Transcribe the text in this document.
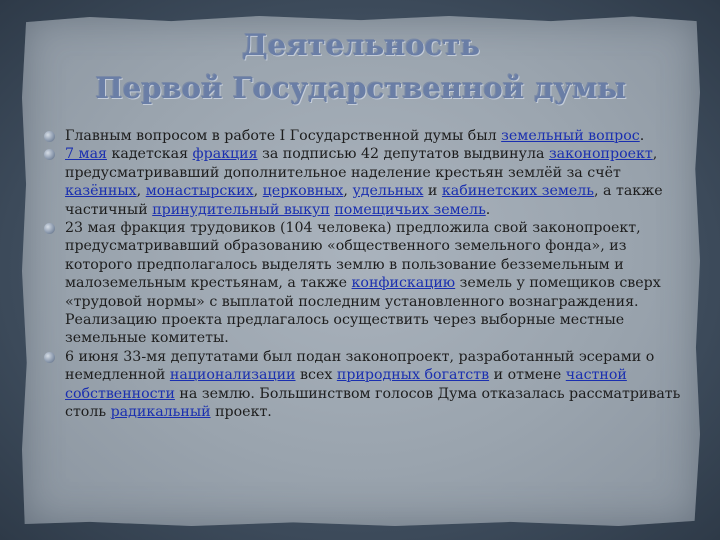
Деятельность
Первой Государственной думы
Главным вопросом в работе I Государственной думы был земельный вопрос.
7 мая кадетская фракция за подписью 42 депутатов выдвинула законопроект, предусматривавший дополнительное наделение крестьян землёй за счёт казённых, монастырских, церковных, удельных и кабинетских земель, а также частичный принудительный выкуп помещичьих земель.
23 мая фракция трудовиков (104 человека) предложила свой законопроект, предусматривавший образованию «общественного земельного фонда», из которого предполагалось выделять землю в пользование безземельным и малоземельным крестьянам, а также конфискацию земель у помещиков сверх «трудовой нормы» с выплатой последним установленного вознаграждения. Реализацию проекта предлагалось осуществить через выборные местные земельные комитеты.
6 июня 33-мя депутатами был подан законопроект, разработанный эсерами о немедленной национализации всех природных богатств и отмене частной собственности на землю. Большинством голосов Дума отказалась рассматривать столь радикальный проект.
